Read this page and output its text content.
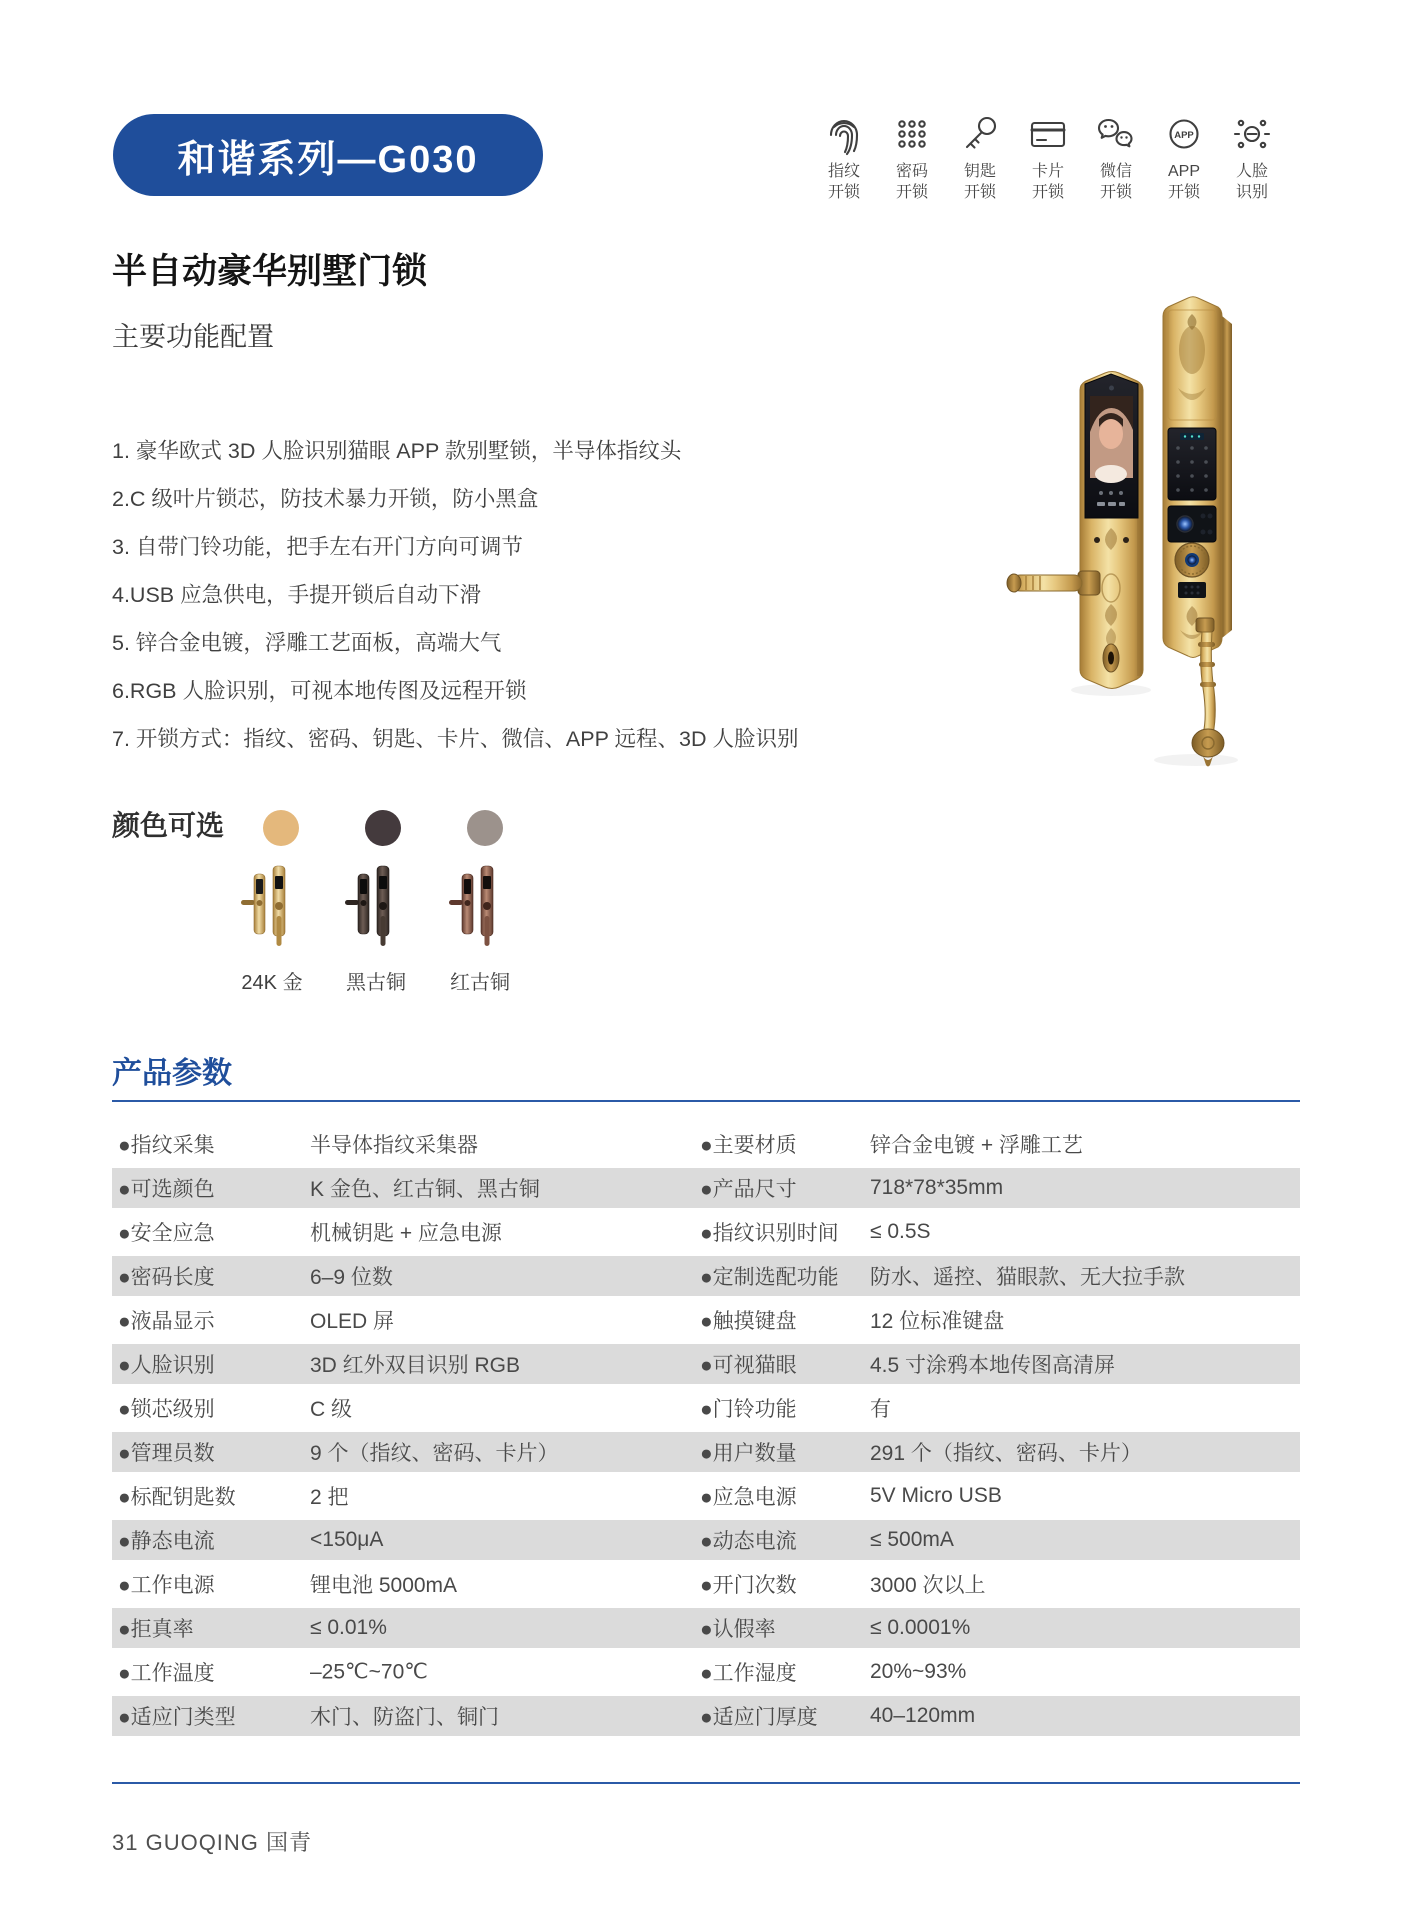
和谐系列—G030	指纹
开锁
密码
开锁
钥匙
开锁
卡片
开锁
微信
开锁
APP
APP
开锁
人脸
识别
半自动豪华别墅门锁
主要功能配置
1. 豪华欧式 3D 人脸识别猫眼 APP 款别墅锁，半导体指纹头
2.C 级叶片锁芯，防技术暴力开锁，防小黑盒
3. 自带门铃功能，把手左右开门方向可调节
4.USB 应急供电，手提开锁后自动下滑
5. 锌合金电镀，浮雕工艺面板，高端大气
6.RGB 人脸识别，可视本地传图及远程开锁
7. 开锁方式：指纹、密码、钥匙、卡片、微信、APP 远程、3D 人脸识别
颜色可选
24K 金 黑古铜 红古铜
产品参数
●指纹采集	半导体指纹采集器	●主要材质	锌合金电镀 + 浮雕工艺
●可选颜色	K 金色、红古铜、黑古铜	●产品尺寸	718*78*35mm
●安全应急	机械钥匙 + 应急电源	●指纹识别时间 ≤ 0.5S
●密码长度	6–9 位数	●定制选配功能 防水、遥控、猫眼款、无大拉手款
●液晶显示	OLED 屏	●触摸键盘	12 位标准键盘
●人脸识别	3D 红外双目识别 RGB	●可视猫眼	4.5 寸涂鸦本地传图高清屏
●锁芯级别	C 级	●门铃功能	有
●管理员数	9 个（指纹、密码、卡片）	●用户数量	291 个（指纹、密码、卡片）
●标配钥匙数	2 把	●应急电源	5V Micro USB
●静态电流	<150μA	●动态电流	≤ 500mA
●工作电源	锂电池 5000mA	●开门次数	3000 次以上
●拒真率	≤ 0.01%	●认假率	≤ 0.0001%
●工作温度	–25℃~70℃	●工作湿度	20%~93%
●适应门类型	木门、防盗门、铜门	●适应门厚度 40–120mm
31 GUOQING 国青
